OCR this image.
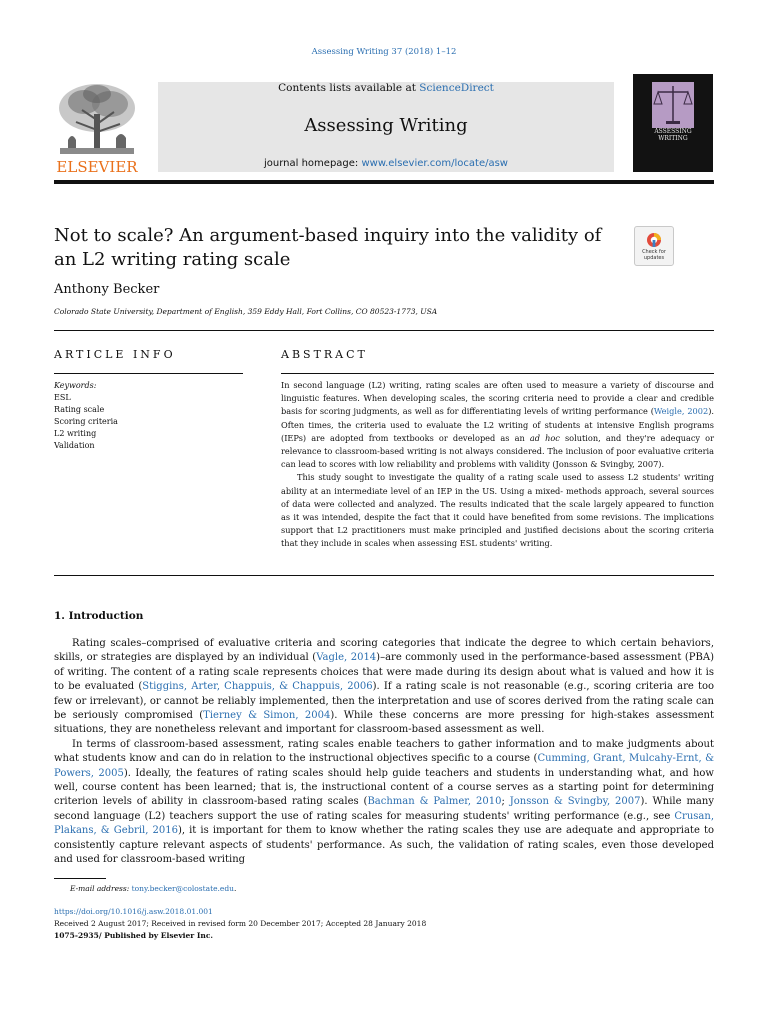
Assessing Writing 37 (2018) 1–12
ELSEVIER
Contents lists available at ScienceDirect
Assessing Writing
journal homepage: www.elsevier.com/locate/asw
ASSESSING
WRITING
Not to scale? An argument-based inquiry into the validity of an L2 writing rating scale	Check for updates
Anthony Becker
Colorado State University, Department of English, 359 Eddy Hall, Fort Collins, CO 80523-1773, USA
ARTICLE INFO
Keywords:
ESL
Rating scale
Scoring criteria
L2 writing
Validation
ABSTRACT

In second language (L2) writing, rating scales are often used to measure a variety of discourse and linguistic features. When developing scales, the scoring criteria need to provide a clear and credible basis for scoring judgments, as well as for differentiating levels of writing performance (Weigle, 2002). Often times, the criteria used to evaluate the L2 writing of students at intensive English programs (IEPs) are adopted from textbooks or developed as an ad hoc solution, and they're adequacy or relevance to classroom-based writing is not always considered. The inclusion of poor evaluative criteria can lead to scores with low reliability and problems with validity (Jonsson & Svingby, 2007).

This study sought to investigate the quality of a rating scale used to assess L2 students' writing ability at an intermediate level of an IEP in the US. Using a mixed- methods approach, several sources of data were collected and analyzed. The results indicated that the scale largely appeared to function as it was intended, despite the fact that it could have benefited from some revisions. The implications support that L2 practitioners must make principled and justified decisions about the scoring criteria that they include in scales when assessing ESL students' writing.

1. Introduction

Rating scales–comprised of evaluative criteria and scoring categories that indicate the degree to which certain behaviors, skills, or strategies are displayed by an individual (Vagle, 2014)–are commonly used in the performance-based assessment (PBA) of writing. The content of a rating scale represents choices that were made during its design about what is valued and how it is to be evaluated (Stiggins, Arter, Chappuis, & Chappuis, 2006). If a rating scale is not reasonable (e.g., scoring criteria are too few or irrelevant), or cannot be reliably implemented, then the interpretation and use of scores derived from the rating scale can be seriously compromised (Tierney & Simon, 2004). While these concerns are more pressing for high-stakes assessment situations, they are nonetheless relevant and important for classroom-based assessment as well.

In terms of classroom-based assessment, rating scales enable teachers to gather information and to make judgments about what students know and can do in relation to the instructional objectives specific to a course (Cumming, Grant, Mulcahy-Ernt, & Powers, 2005). Ideally, the features of rating scales should help guide teachers and students in understanding what, and how well, course content has been learned; that is, the instructional content of a course serves as a starting point for determining criterion levels of ability in classroom-based rating scales (Bachman & Palmer, 2010; Jonsson & Svingby, 2007). While many second language (L2) teachers support the use of rating scales for measuring students' writing performance (e.g., see Crusan, Plakans, & Gebril, 2016), it is important for them to know whether the rating scales they use are adequate and appropriate to consistently capture relevant aspects of students' performance. As such, the validation of rating scales, even those developed and used for classroom-based writing

E-mail address: tony.becker@colostate.edu.
https://doi.org/10.1016/j.asw.2018.01.001
Received 2 August 2017; Received in revised form 20 December 2017; Accepted 28 January 2018
1075-2935/ Published by Elsevier Inc.
